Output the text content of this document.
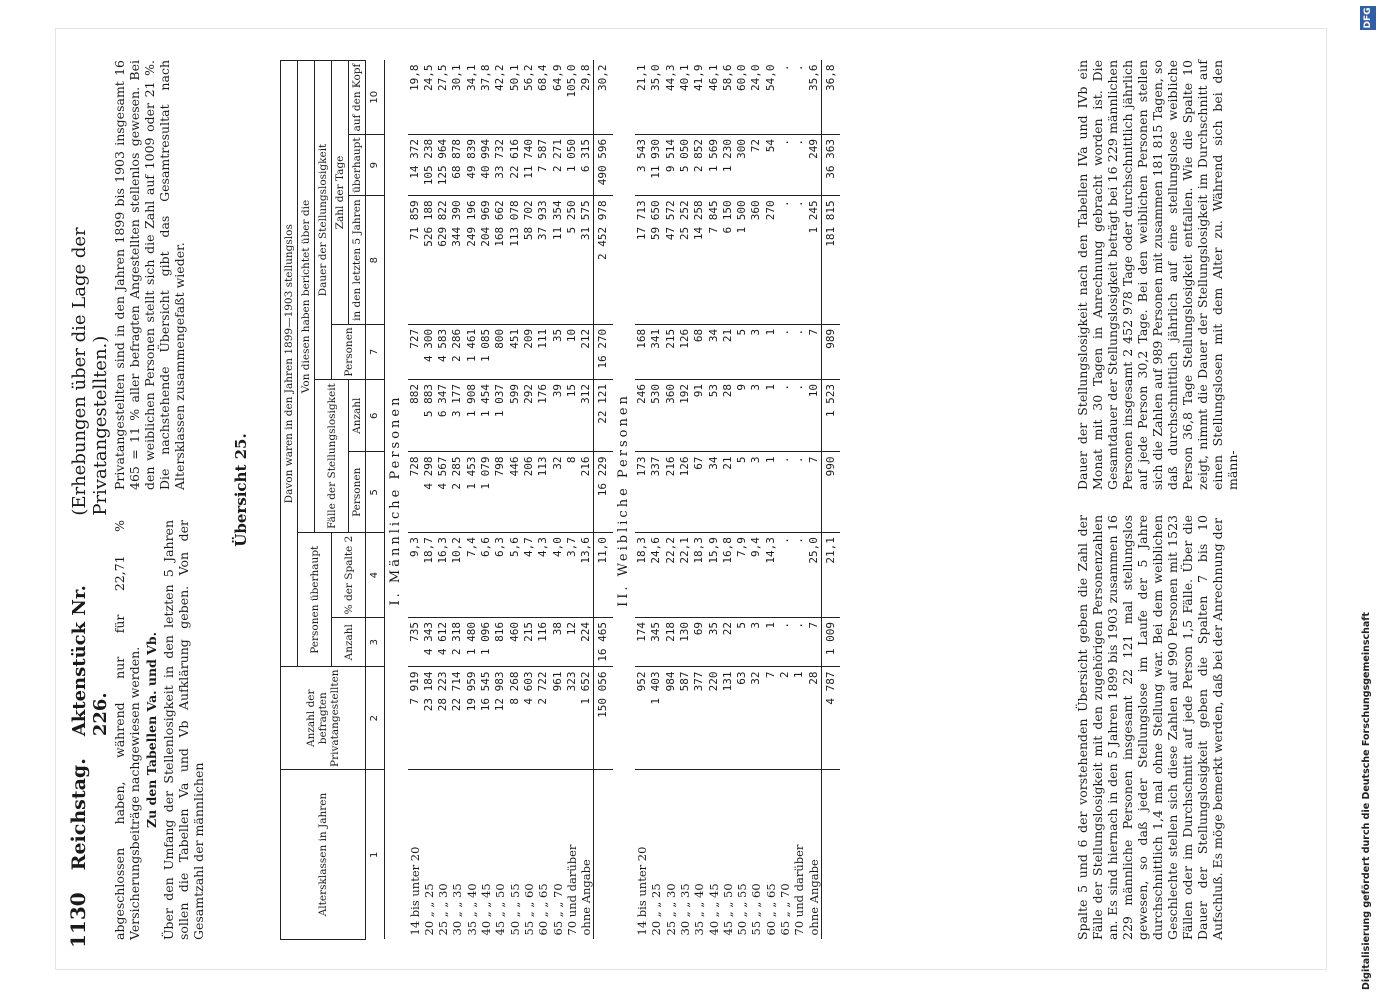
1130
Reichstag.
Aktenstück Nr. 226.
(Erhebungen über die Lage der Privatangestellten.)

abgeschlossen haben, während nur für 22,71 % Versicherungsbeiträge nachgewiesen werden. Zu den Tabellen Va. und Vb. Über den Umfang der Stellenlosigkeit in den letzten 5 Jahren sollen die Tabellen Va und Vb Aufklärung geben. Von der Gesamtzahl der männlichen

Privatangestellten sind in den Jahren 1899 bis 1903 insgesamt 16 465 = 11 % aller befragten Angestellten stellenlos gewesen. Bei den weiblichen Personen stellt sich die Zahl auf 1009 oder 21 %. Die nachstehende Übersicht gibt das Gesamtresultat nach Altersklassen zusammengefaßt wieder.

Übersicht 25.
Altersklassen in Jahren	Anzahl der befragten Privatangestellten	Davon waren in den Jahren 1899—1903 stellungslos							
		Personen überhaupt		Von diesen haben berichtet über die					
				Fälle der Stellungslosigkeit		Dauer der Stellungslosigkeit			
		Anzahl	% der Spalte 2			Personen	Zahl der Tage		
				Personen	Anzahl		in den letzten 5 Jahren	überhaupt	auf den Kopf
1	2	3	4	5	6	7	8	9	10
I. Männliche Personen									
14 bis unter 20	7 919	735	9,3	728	882	727	71 859	14 372	19,8
20 „ „ 25	23 184	4 343	18,7	4 298	5 883	4 300	526 188	105 238	24,5
25 „ „ 30	28 223	4 612	16,3	4 567	6 347	4 583	629 822	125 964	27,5
30 „ „ 35	22 714	2 318	10,2	2 285	3 177	2 286	344 390	68 878	30,1
35 „ „ 40	19 959	1 480	7,4	1 453	1 908	1 461	249 196	49 839	34,1
40 „ „ 45	16 545	1 096	6,6	1 079	1 454	1 085	204 969	40 994	37,8
45 „ „ 50	12 983	816	6,3	798	1 037	800	168 662	33 732	42,2
50 „ „ 55	8 268	460	5,6	446	599	451	113 078	22 616	50,1
55 „ „ 60	4 603	215	4,7	206	292	209	58 702	11 740	56,2
60 „ „ 65	2 722	116	4,3	113	176	111	37 933	7 587	68,4
65 „ „ 70	961	38	4,0	32	39	35	11 354	2 271	64,9
70 und darüber	323	12	3,7	8	15	10	5 250	1 050	105,0
ohne Angabe	1 652	224	13,6	216	312	212	31 575	6 315	29,8
	150 056	16 465	11,0	16 229	22 121	16 270	2 452 978	490 596	30,2
II. Weibliche Personen									
14 bis unter 20	952	174	18,3	173	246	168	17 713	3 543	21,1
20 „ „ 25	1 403	345	24,6	337	530	341	59 650	11 930	35,0
25 „ „ 30	984	218	22,2	216	360	215	47 572	9 514	44,3
30 „ „ 35	587	130	22,1	126	192	126	25 252	5 050	40,1
35 „ „ 40	377	69	18,3	67	91	68	14 258	2 852	41,9
40 „ „ 45	220	35	15,9	34	53	34	7 845	1 569	46,1
45 „ „ 50	131	22	16,8	21	28	21	6 150	1 230	58,6
50 „ „ 55	63	5	7,9	5	9	5	1 500	300	60,0
55 „ „ 60	32	3	9,4	3	3	3	360	72	24,0
60 „ „ 65	7	1	14,3	1	1	1	270	54	54,0
65 „ „ 70	2	.	.	.	.	.	.	.	.
70 und darüber	1	.	.	.	.	.	.	.	.
ohne Angabe	28	7	25,0	7	10	7	1 245	249	35,6
	4 787	1 009	21,1	990	1 523	989	181 815	36 363	36,8
Spalte 5 und 6 der vorstehenden Übersicht geben die Zahl der Fälle der Stellungslosigkeit mit den zugehörigen Personenzahlen an. Es sind hiernach in den 5 Jahren 1899 bis 1903 zusammen 16 229 männliche Personen insgesamt 22 121 mal stellungslos gewesen, so daß jeder Stellungslose im Laufe der 5 Jahre durchschnittlich 1,4 mal ohne Stellung war. Bei dem weiblichen Geschlechte stellen sich diese Zahlen auf 990 Personen mit 1523 Fällen oder im Durchschnitt auf jede Person 1,5 Fälle. Über die Dauer der Stellungslosigkeit geben die Spalten 7 bis 10 Aufschluß. Es möge bemerkt werden, daß bei der Anrechnung der
Dauer der Stellungslosigkeit nach den Tabellen IVa und IVb ein Monat mit 30 Tagen in Anrechnung gebracht worden ist. Die Gesamtdauer der Stellungslosigkeit beträgt bei 16 229 männlichen Personen insgesamt 2 452 978 Tage oder durchschnittlich jährlich auf jede Person 30,2 Tage. Bei den weiblichen Personen stellen sich die Zahlen auf 989 Personen mit zusammen 181 815 Tagen, so daß durchschnittlich jährlich auf eine stellungslose weibliche Person 36,8 Tage Stellungslosigkeit entfallen. Wie die Spalte 10 zeigt, nimmt die Dauer der Stellungslosigkeit im Durchschnitt auf einen Stellungslosen mit dem Alter zu. Während sich bei den männ-
Digitalisierung gefördert durch die Deutsche Forschungsgemeinschaft
DFG
